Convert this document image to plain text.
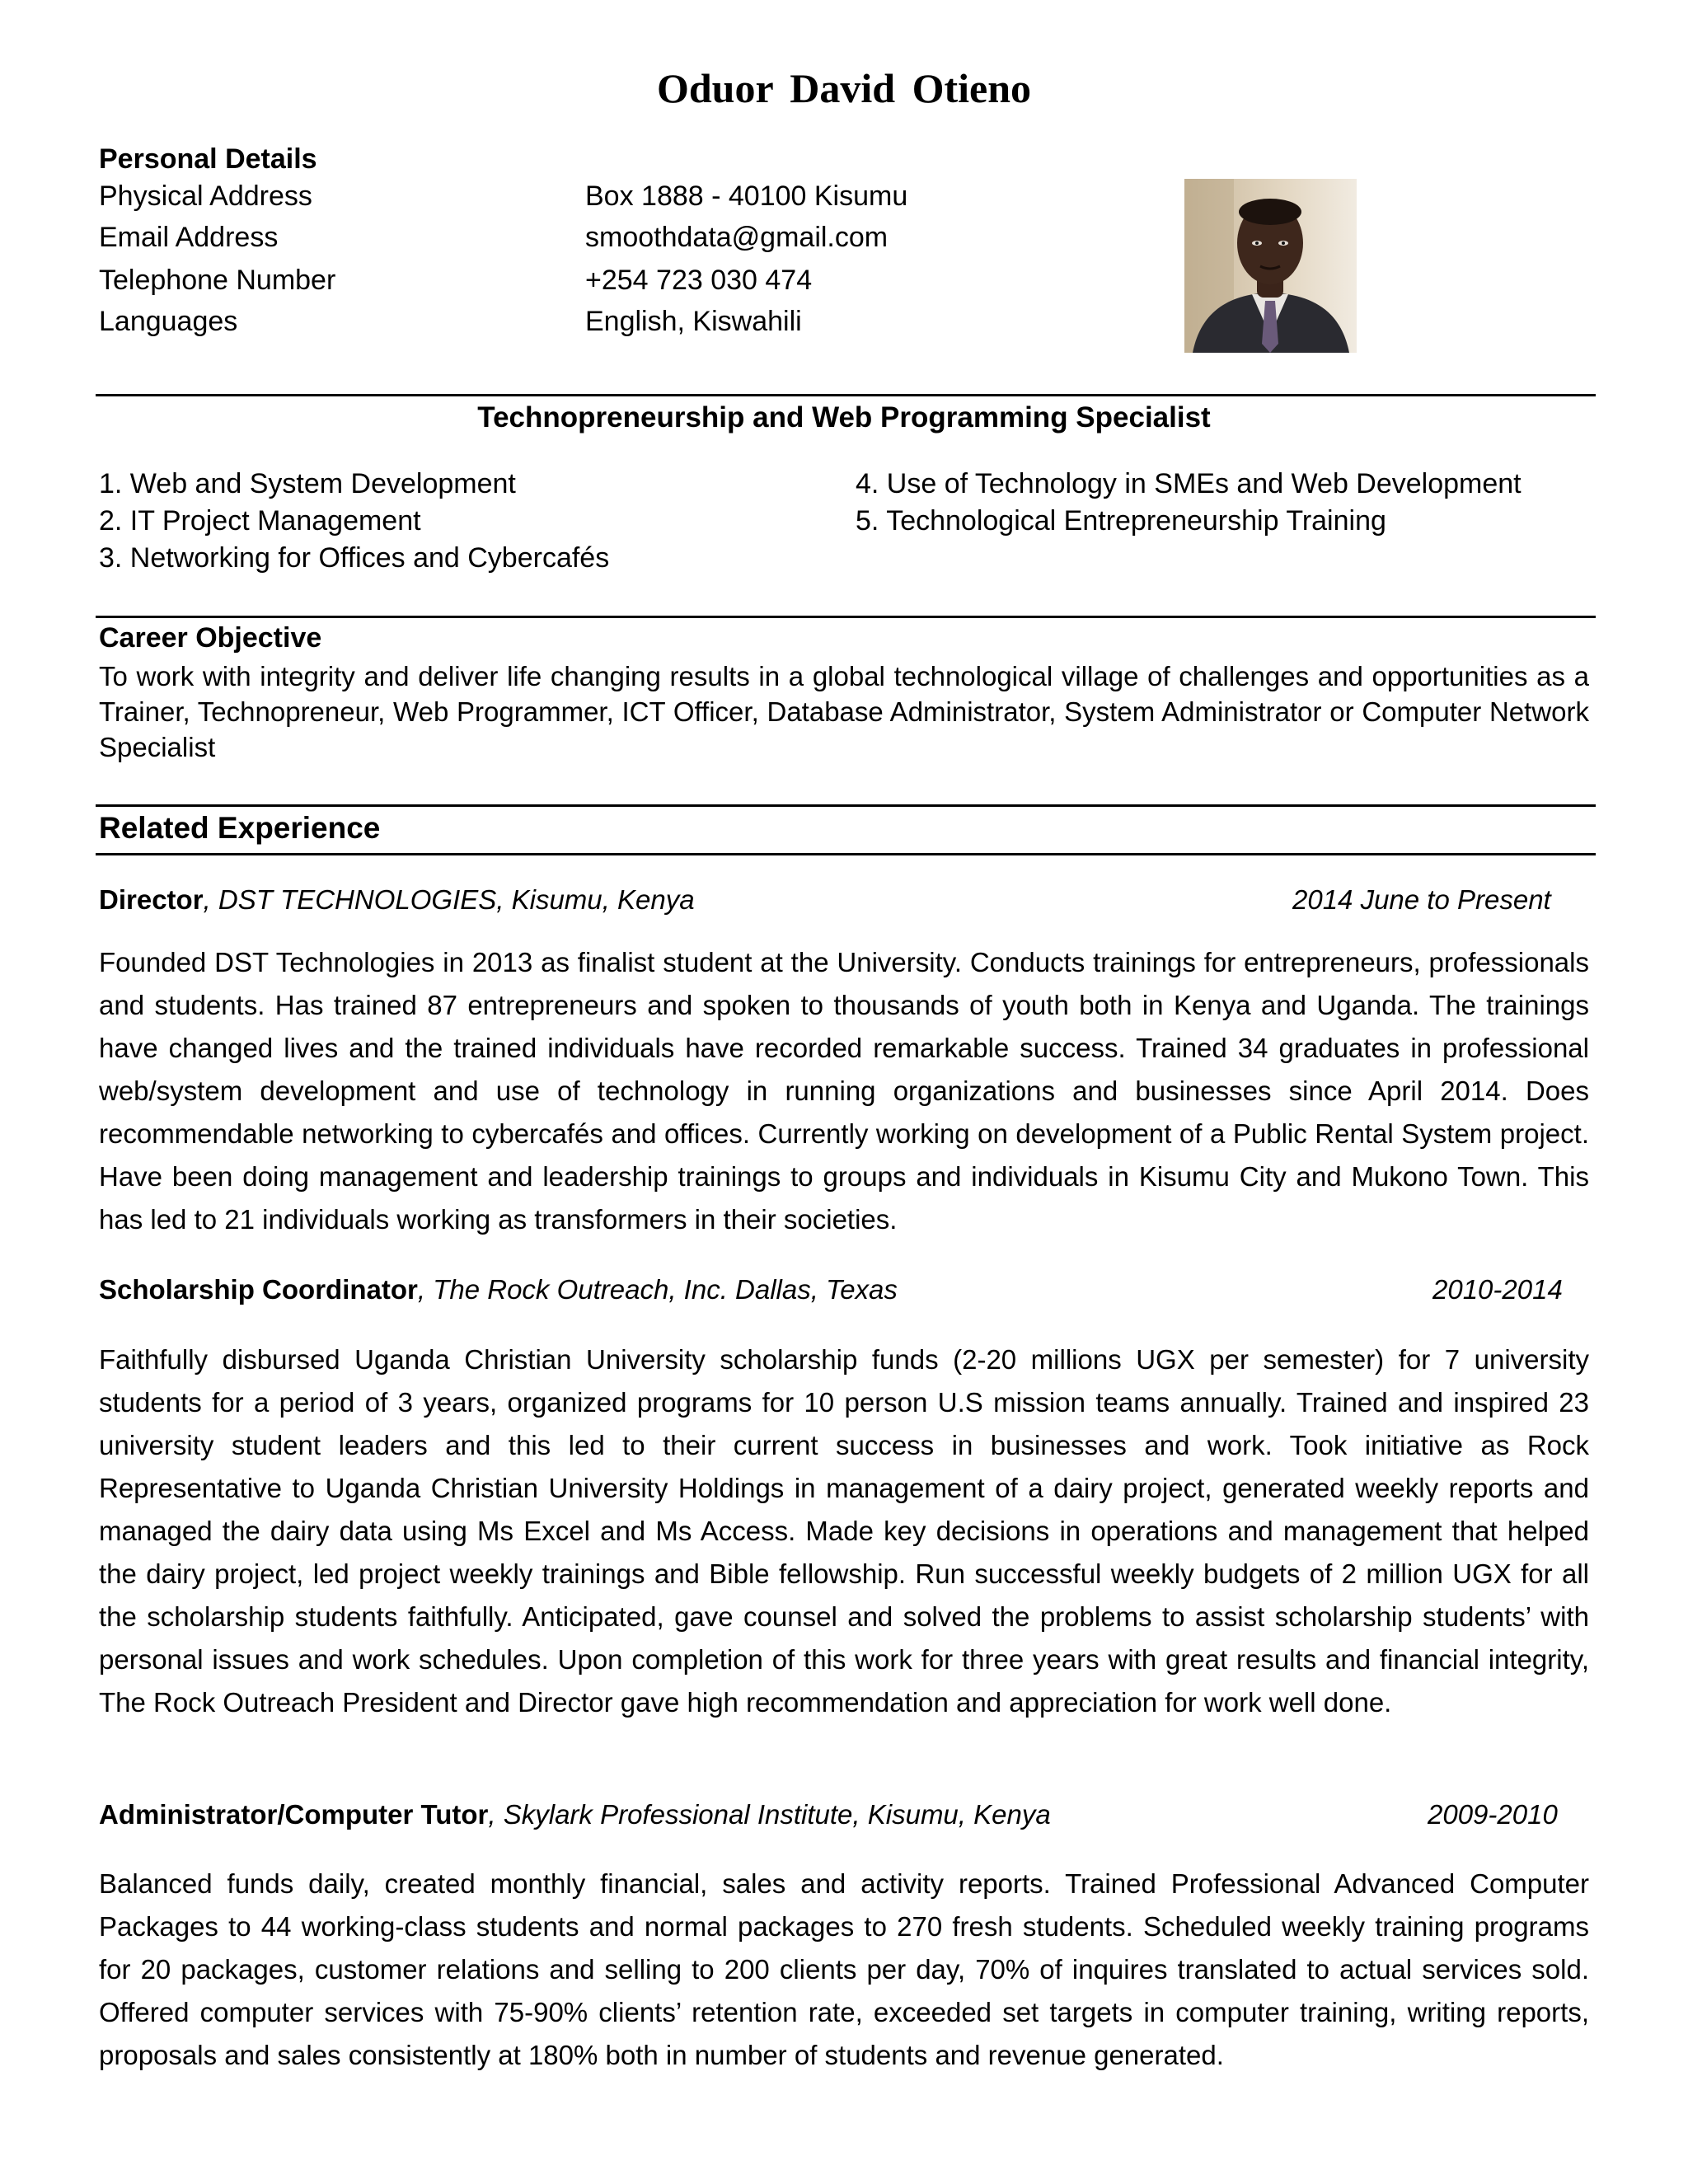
Oduor David Otieno
Personal Details
Physical Address	Box 1888 - 40100 Kisumu
Email Address	smoothdata@gmail.com
Telephone Number	+254 723 030 474
Languages	English, Kiswahili
Technopreneurship and Web Programming Specialist
1. Web and System Development
2. IT Project Management
3. Networking for Offices and Cybercafés
4. Use of Technology in SMEs and Web Development
5. Technological Entrepreneurship Training
Career Objective
To work with integrity and deliver life changing results in a global technological village of challenges and opportunities as a Trainer, Technopreneur, Web Programmer, ICT Officer, Database Administrator, System Administrator or Computer Network Specialist
Related Experience
Director, DST TECHNOLOGIES, Kisumu, Kenya	2014 June to Present
Founded DST Technologies in 2013 as finalist student at the University. Conducts trainings for entrepreneurs, professionals and students. Has trained 87 entrepreneurs and spoken to thousands of youth both in Kenya and Uganda. The trainings have changed lives and the trained individuals have recorded remarkable success. Trained 34 graduates in professional web/system development and use of technology in running organizations and businesses since April 2014. Does recommendable networking to cybercafés and offices. Currently working on development of a Public Rental System project. Have been doing management and leadership trainings to groups and individuals in Kisumu City and Mukono Town. This has led to 21 individuals working as transformers in their societies.
Scholarship Coordinator, The Rock Outreach, Inc. Dallas, Texas	2010-2014
Faithfully disbursed Uganda Christian University scholarship funds (2-20 millions UGX per semester) for 7 university students for a period of 3 years, organized programs for 10 person U.S mission teams annually. Trained and inspired 23 university student leaders and this led to their current success in businesses and work. Took initiative as Rock Representative to Uganda Christian University Holdings in management of a dairy project, generated weekly reports and managed the dairy data using Ms Excel and Ms Access. Made key decisions in operations and management that helped the dairy project, led project weekly trainings and Bible fellowship. Run successful weekly budgets of 2 million UGX for all the scholarship students faithfully. Anticipated, gave counsel and solved the problems to assist scholarship students’ with personal issues and work schedules. Upon completion of this work for three years with great results and financial integrity, The Rock Outreach President and Director gave high recommendation and appreciation for work well done.
Administrator/Computer Tutor, Skylark Professional Institute, Kisumu, Kenya	2009-2010
Balanced funds daily, created monthly financial, sales and activity reports. Trained Professional Advanced Computer Packages to 44 working-class students and normal packages to 270 fresh students. Scheduled weekly training programs for 20 packages, customer relations and selling to 200 clients per day, 70% of inquires translated to actual services sold. Offered computer services with 75-90% clients’ retention rate, exceeded set targets in computer training, writing reports, proposals and sales consistently at 180% both in number of students and revenue generated.
